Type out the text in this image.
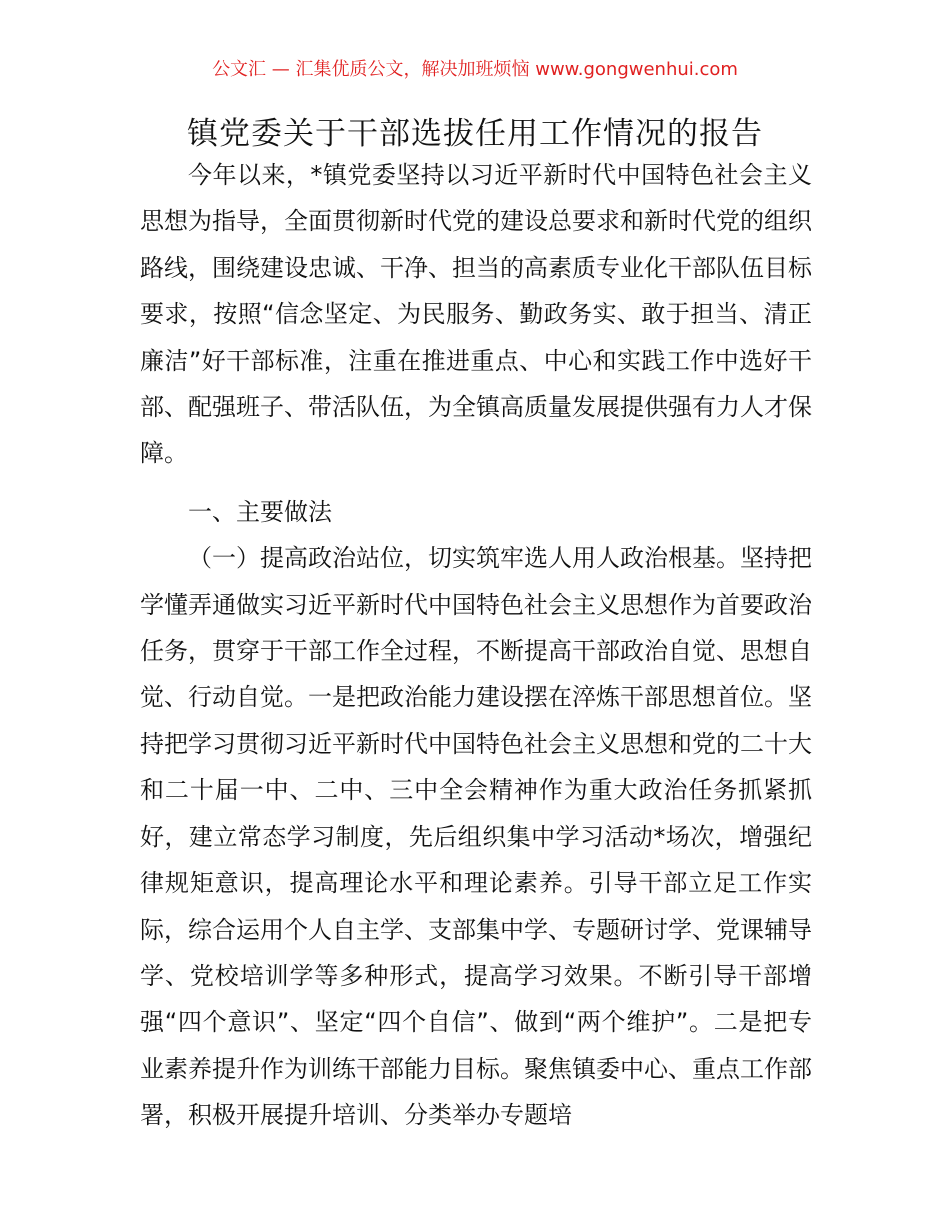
公文汇 — 汇集优质公文，解决加班烦恼 www.gongwenhui.com
镇党委关于干部选拔任用工作情况的报告

今年以来，*镇党委坚持以习近平新时代中国特色社会主义思想为指导，全面贯彻新时代党的建设总要求和新时代党的组织路线，围绕建设忠诚、干净、担当的高素质专业化干部队伍目标要求，按照“信念坚定、为民服务、勤政务实、敢于担当、清正廉洁”好干部标准，注重在推进重点、中心和实践工作中选好干部、配强班子、带活队伍，为全镇高质量发展提供强有力人才保障。

一、主要做法

（一）提高政治站位，切实筑牢选人用人政治根基。坚持把学懂弄通做实习近平新时代中国特色社会主义思想作为首要政治任务，贯穿于干部工作全过程，不断提高干部政治自觉、思想自觉、行动自觉。一是把政治能力建设摆在淬炼干部思想首位。坚持把学习贯彻习近平新时代中国特色社会主义思想和党的二十大和二十届一中、二中、三中全会精神作为重大政治任务抓紧抓好，建立常态学习制度，先后组织集中学习活动*场次，增强纪律规矩意识，提高理论水平和理论素养。引导干部立足工作实际，综合运用个人自主学、支部集中学、专题研讨学、党课辅导学、党校培训学等多种形式，提高学习效果。不断引导干部增强“四个意识”、坚定“四个自信”、做到“两个维护”。二是把专业素养提升作为训练干部能力目标。聚焦镇委中心、重点工作部署，积极开展提升培训、分类举办专题培
